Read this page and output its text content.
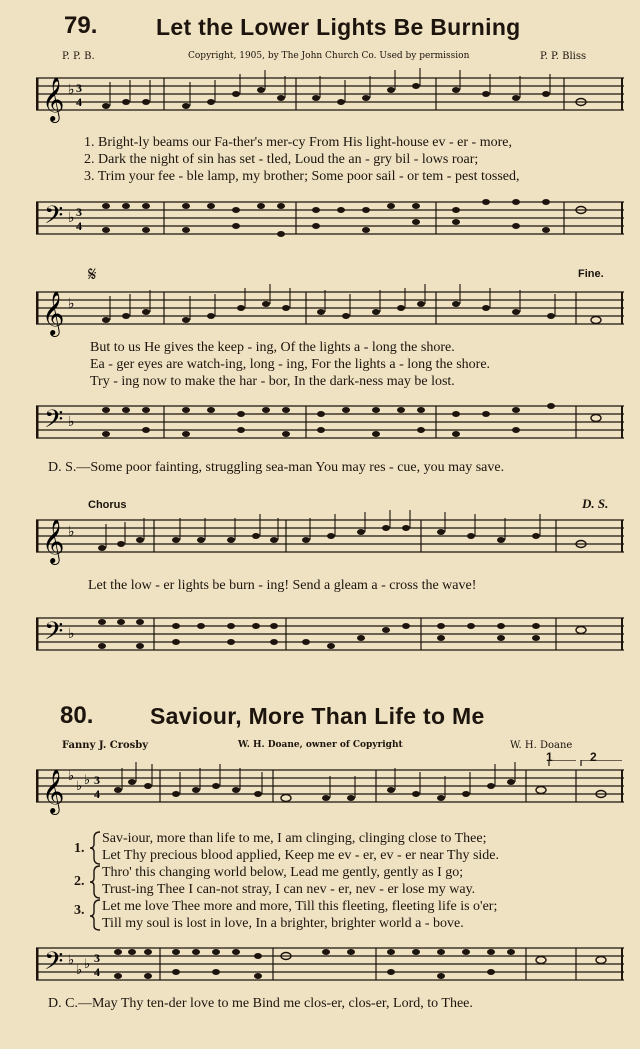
79.	Let the Lower Lights Be Burning
P. P. B.	Copyright, 1905, by The John Church Co. Used by permission	P. P. Bliss
𝄞 ♭ 3
4
1. Bright-ly beams our Fa-ther's mer-cy From His light-house ev - er - more,
2. Dark the night of sin has set - tled, Loud the an - gry bil - lows roar;
3. Trim your fee - ble lamp, my brother; Some poor sail - or tem - pest tossed,
𝄢 ♭ 3
4
𝄋	Fine.
𝄞 ♭
But to us He gives the keep - ing, Of the lights a - long the shore.
Ea - ger eyes are watch-ing, long - ing, For the lights a - long the shore.
Try - ing now to make the har - bor, In the dark-ness may be lost.
𝄢 ♭
D. S.—Some poor fainting, struggling sea-man You may res - cue, you may save.
Chorus	D. S.
𝄞 ♭
Let the low - er lights be burn - ing! Send a gleam a - cross the wave!
𝄢 ♭
80. Saviour, More Than Life to Me
Fanny J. Crosby	W. H. Doane, owner of Copyright	W. H. Doane
𝄞 ♭
♭ ♭ 3
4
1	2
1.
2.
3.
Sav-iour, more than life to me, I am clinging, clinging close to Thee;
Let Thy precious blood applied, Keep me ev - er, ev - er near Thy side.
Thro' this changing world below, Lead me gently, gently as I go;
Trust-ing Thee I can-not stray, I can nev - er, nev - er lose my way.
Let me love Thee more and more, Till this fleeting, fleeting life is o'er;
Till my soul is lost in love, In a brighter, brighter world a - bove.
𝄢 ♭
♭ ♭ 3
4
D. C.—May Thy ten-der love to me Bind me clos-er, clos-er, Lord, to Thee.
